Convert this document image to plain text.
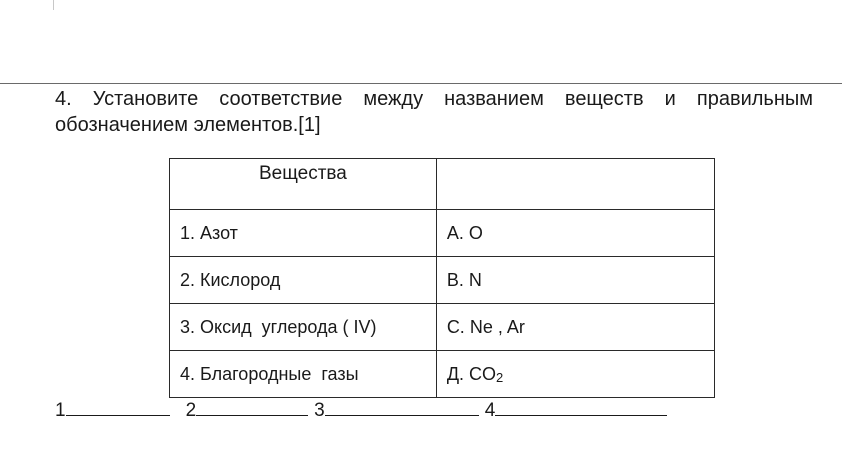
4. Установите соответствие между названием веществ и правильным
обозначением элементов.[1]

Вещества	
1. Азот	А. O
2. Кислород	B. N
3. Оксид  углерода ( IV)	C. Ne , Ar
4. Благородные  газы	Д. CO2
1	2	3	4
